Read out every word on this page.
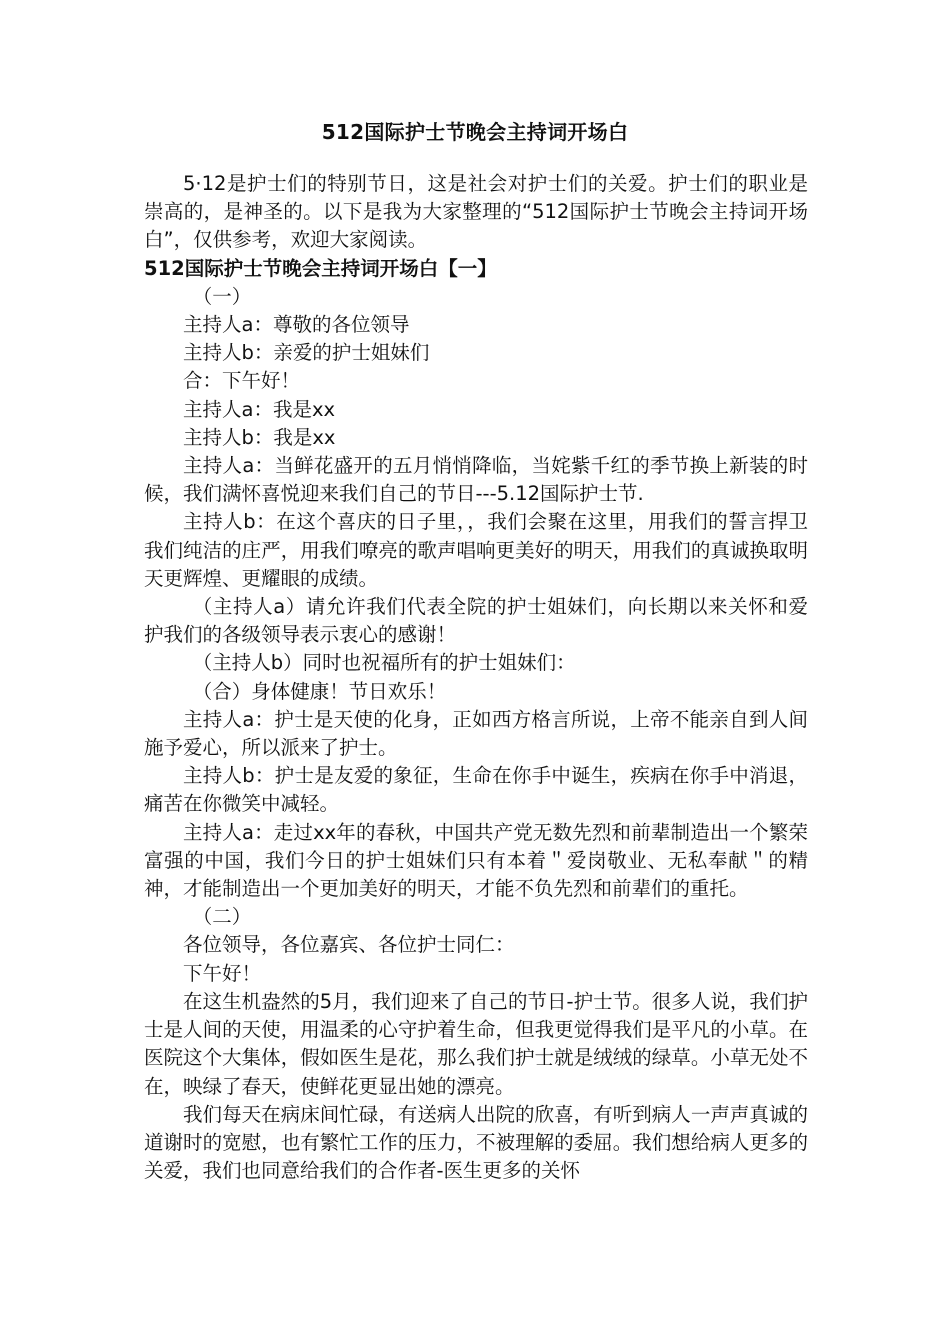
512国际护士节晚会主持词开场白

5·12是护士们的特别节日，这是社会对护士们的关爱。护士们的职业是崇高的，是神圣的。以下是我为大家整理的“512国际护士节晚会主持词开场白”，仅供参考，欢迎大家阅读。

512国际护士节晚会主持词开场白【一】

（一）

主持人a：尊敬的各位领导

主持人b：亲爱的护士姐妹们

合：下午好！

主持人a：我是xx

主持人b：我是xx

主持人a：当鲜花盛开的五月悄悄降临，当姹紫千红的季节换上新装的时候，我们满怀喜悦迎来我们自己的节日---5.12国际护士节.

主持人b：在这个喜庆的日子里，，我们会聚在这里，用我们的誓言捍卫我们纯洁的庄严，用我们嘹亮的歌声唱响更美好的明天，用我们的真诚换取明天更辉煌、更耀眼的成绩。

（主持人a）请允许我们代表全院的护士姐妹们，向长期以来关怀和爱护我们的各级领导表示衷心的感谢！

（主持人b）同时也祝福所有的护士姐妹们：

（合）身体健康！节日欢乐！

主持人a：护士是天使的化身，正如西方格言所说，上帝不能亲自到人间施予爱心，所以派来了护士。

主持人b：护士是友爱的象征，生命在你手中诞生，疾病在你手中消退，痛苦在你微笑中减轻。

主持人a：走过xx年的春秋，中国共产党无数先烈和前辈制造出一个繁荣富强的中国，我们今日的护士姐妹们只有本着＂爱岗敬业、无私奉献＂的精神，才能制造出一个更加美好的明天，才能不负先烈和前辈们的重托。

（二）

各位领导，各位嘉宾、各位护士同仁：

下午好！

在这生机盎然的5月，我们迎来了自己的节日-护士节。很多人说，我们护士是人间的天使，用温柔的心守护着生命，但我更觉得我们是平凡的小草。在医院这个大集体，假如医生是花，那么我们护士就是绒绒的绿草。小草无处不在，映绿了春天，使鲜花更显出她的漂亮。

我们每天在病床间忙碌，有送病人出院的欣喜，有听到病人一声声真诚的道谢时的宽慰，也有繁忙工作的压力，不被理解的委屈。我们想给病人更多的关爱，我们也同意给我们的合作者-医生更多的关怀
